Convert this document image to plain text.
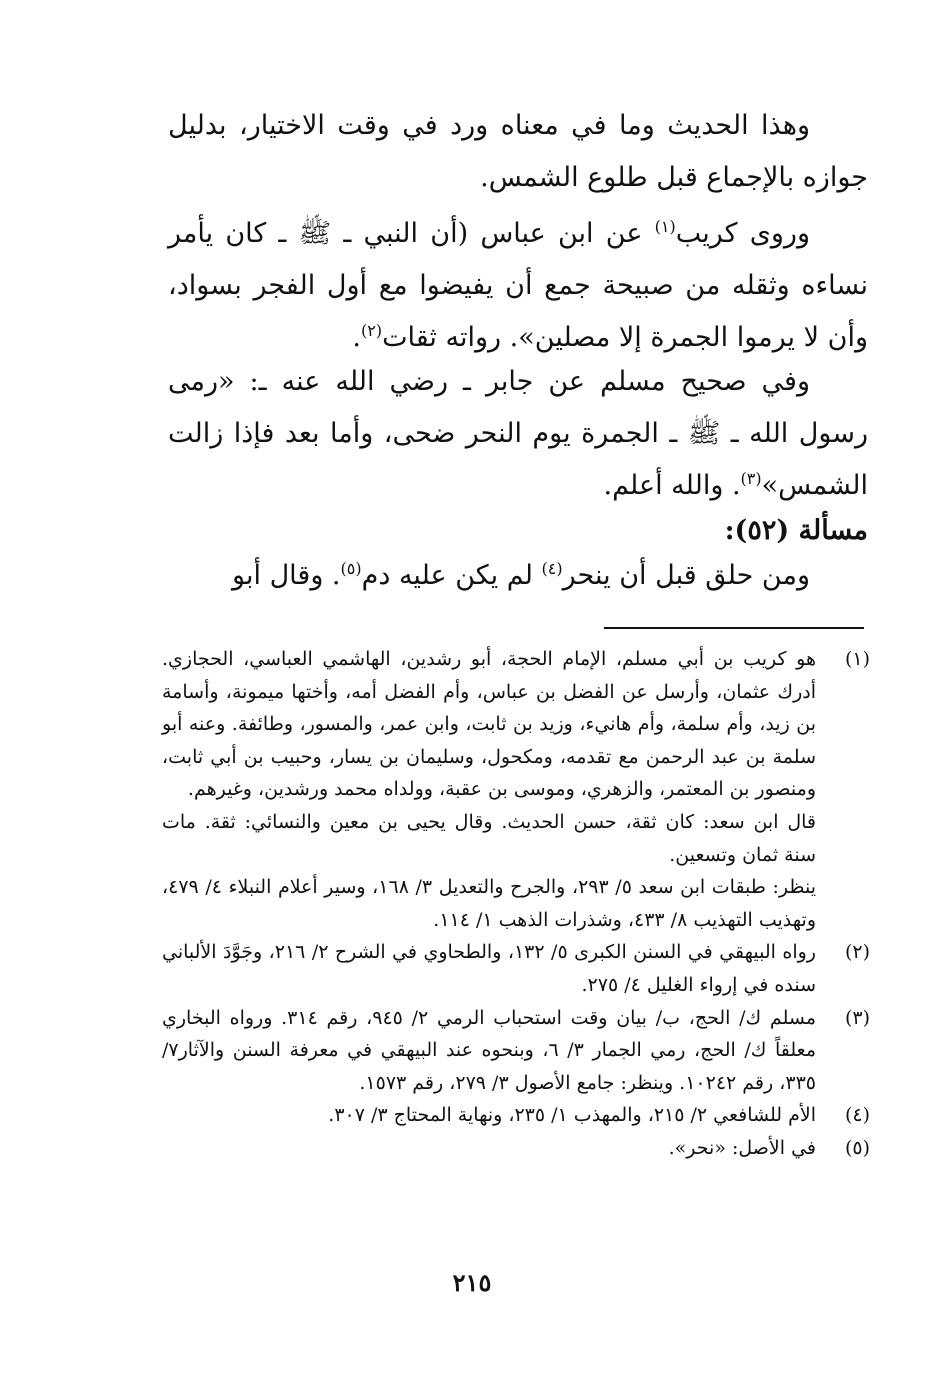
وهذا الحديث وما في معناه ورد في وقت الاختيار، بدليل جوازه بالإجماع قبل طلوع الشمس.

وروى كريب$^{(١)}$ عن ابن عباس (أن النبي ـ ﷺ ـ كان يأمر نساءه وثقله من صبيحة جمع أن يفيضوا مع أول الفجر بسواد، وأن لا يرموا الجمرة إلا مصلين». رواته ثقات$^{(٢)}$.

وفي صحيح مسلم عن جابر ـ رضي الله عنه ـ: «رمى رسول الله ـ ﷺ ـ الجمرة يوم النحر ضحى، وأما بعد فإذا زالت الشمس»$^{(٣)}$. والله أعلم.

مسألة (٥٢):

ومن حلق قبل أن ينحر$^{(٤)}$ لم يكن عليه دم$^{(٥)}$. وقال أبو

(١)
هو كريب بن أبي مسلم، الإمام الحجة، أبو رشدين، الهاشمي العباسي، الحجازي. أدرك عثمان، وأرسل عن الفضل بن عباس، وأم الفضل أمه، وأختها ميمونة، وأسامة بن زيد، وأم سلمة، وأم هانيء، وزيد بن ثابت، وابن عمر، والمسور، وطائفة. وعنه أبو سلمة بن عبد الرحمن مع تقدمه، ومكحول، وسليمان بن يسار، وحبيب بن أبي ثابت، ومنصور بن المعتمر، والزهري، وموسى بن عقبة، وولداه محمد ورشدين، وغيرهم.
قال ابن سعد: كان ثقة، حسن الحديث. وقال يحيى بن معين والنسائي: ثقة. مات سنة ثمان وتسعين.
ينظر: طبقات ابن سعد ٥/ ٢٩٣، والجرح والتعديل ٣/ ١٦٨، وسير أعلام النبلاء ٤/ ٤٧٩، وتهذيب التهذيب ٨/ ٤٣٣، وشذرات الذهب ١/ ١١٤.
(٢)
رواه البيهقي في السنن الكبرى ٥/ ١٣٢، والطحاوي في الشرح ٢/ ٢١٦، وجَوَّدَ الألباني سنده في إرواء الغليل ٤/ ٢٧٥.
(٣)
مسلم ك/ الحج، ب/ بيان وقت استحباب الرمي ٢/ ٩٤٥، رقم ٣١٤. ورواه البخاري معلقاً ك/ الحج، رمي الجمار ٣/ ٦، وبنحوه عند البيهقي في معرفة السنن والآثار٧/ ٣٣٥، رقم ١٠٢٤٢. وينظر: جامع الأصول ٣/ ٢٧٩، رقم ١٥٧٣.
(٤)
الأم للشافعي ٢/ ٢١٥، والمهذب ١/ ٢٣٥، ونهاية المحتاج ٣/ ٣٠٧.
(٥)
في الأصل: «نحر».
٢١٥
